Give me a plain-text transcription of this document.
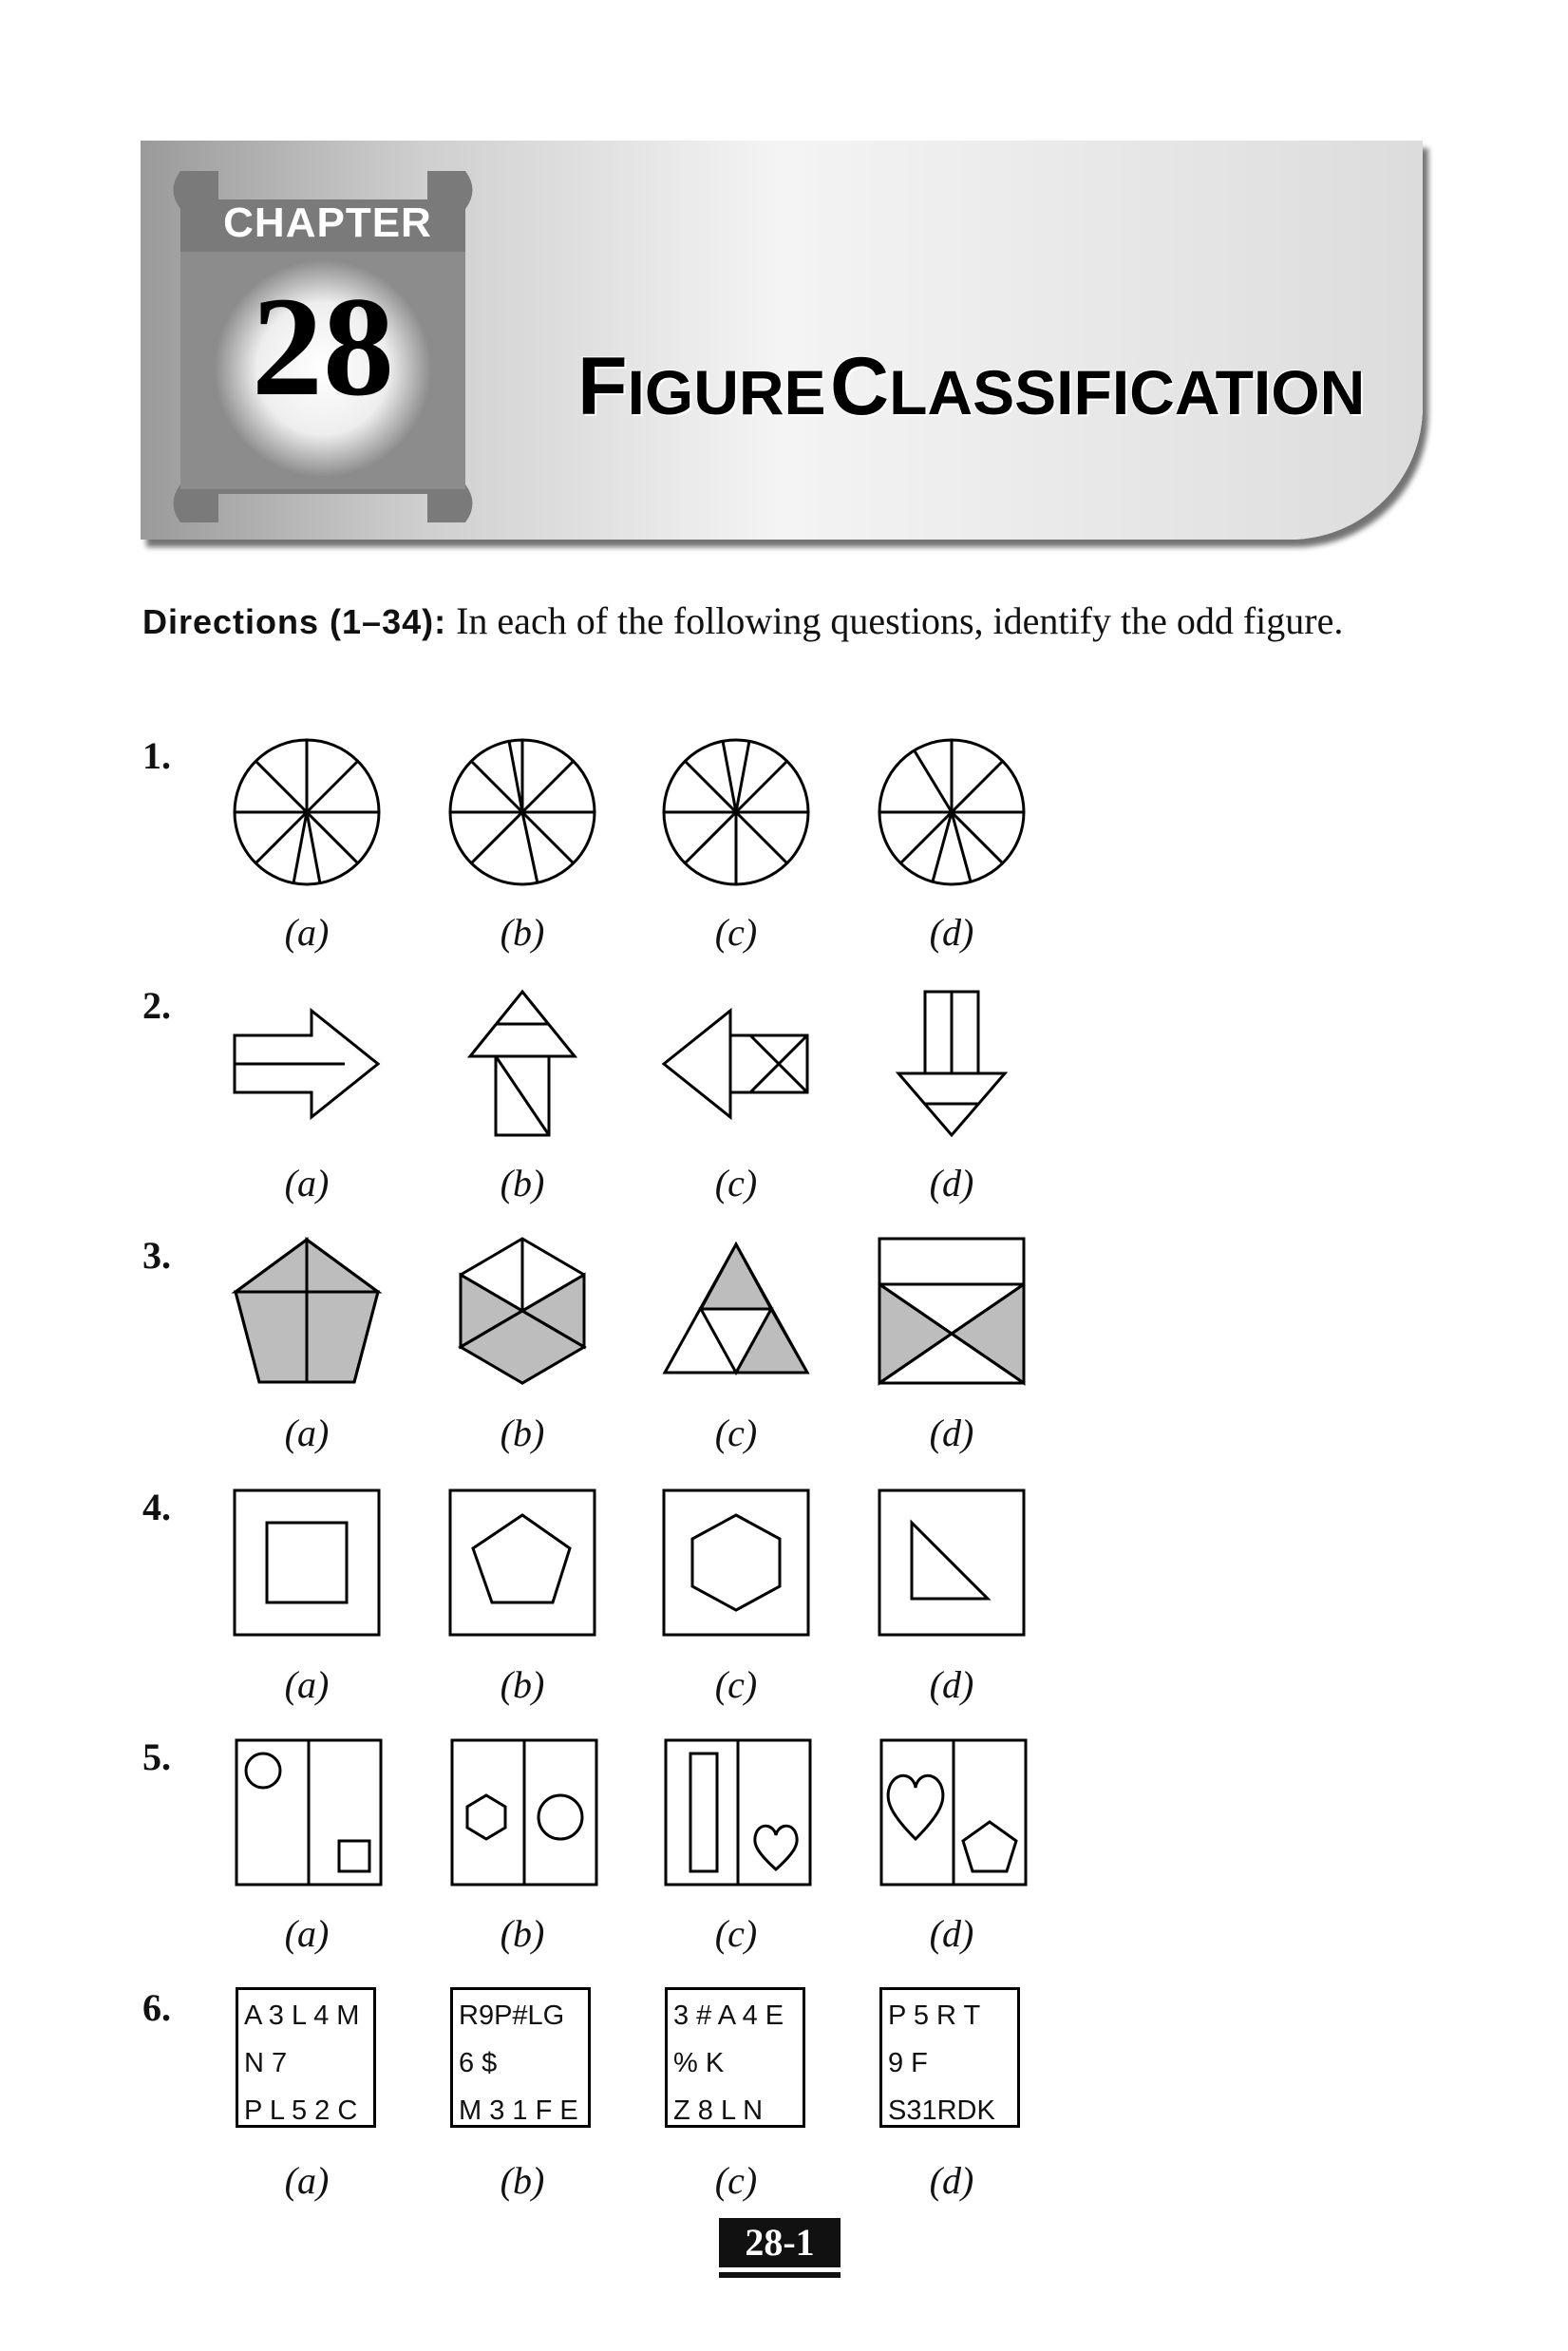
CHAPTER
28	FIGURE CLASSIFICATION
Directions (1–34): In each of the following questions, identify the odd figure.
1.
2.
3.
4.
5.
6.
(a)	(b)	(c)	(d)
(a)	(b)	(c)	(d)
(a)	(b)	(c)	(d)
(a)	(b)	(c)	(d)
(a)	(b)	(c)	(d)
A 3 L 4 M
N 7
P L 5 2 C
R9P#LG
6 $
M 3 1 F E
3 # A 4 E
% K
Z 8 L N
P 5 R T
9 F
S31RDK
(a)	(b)	(c)	(d)
28-1
